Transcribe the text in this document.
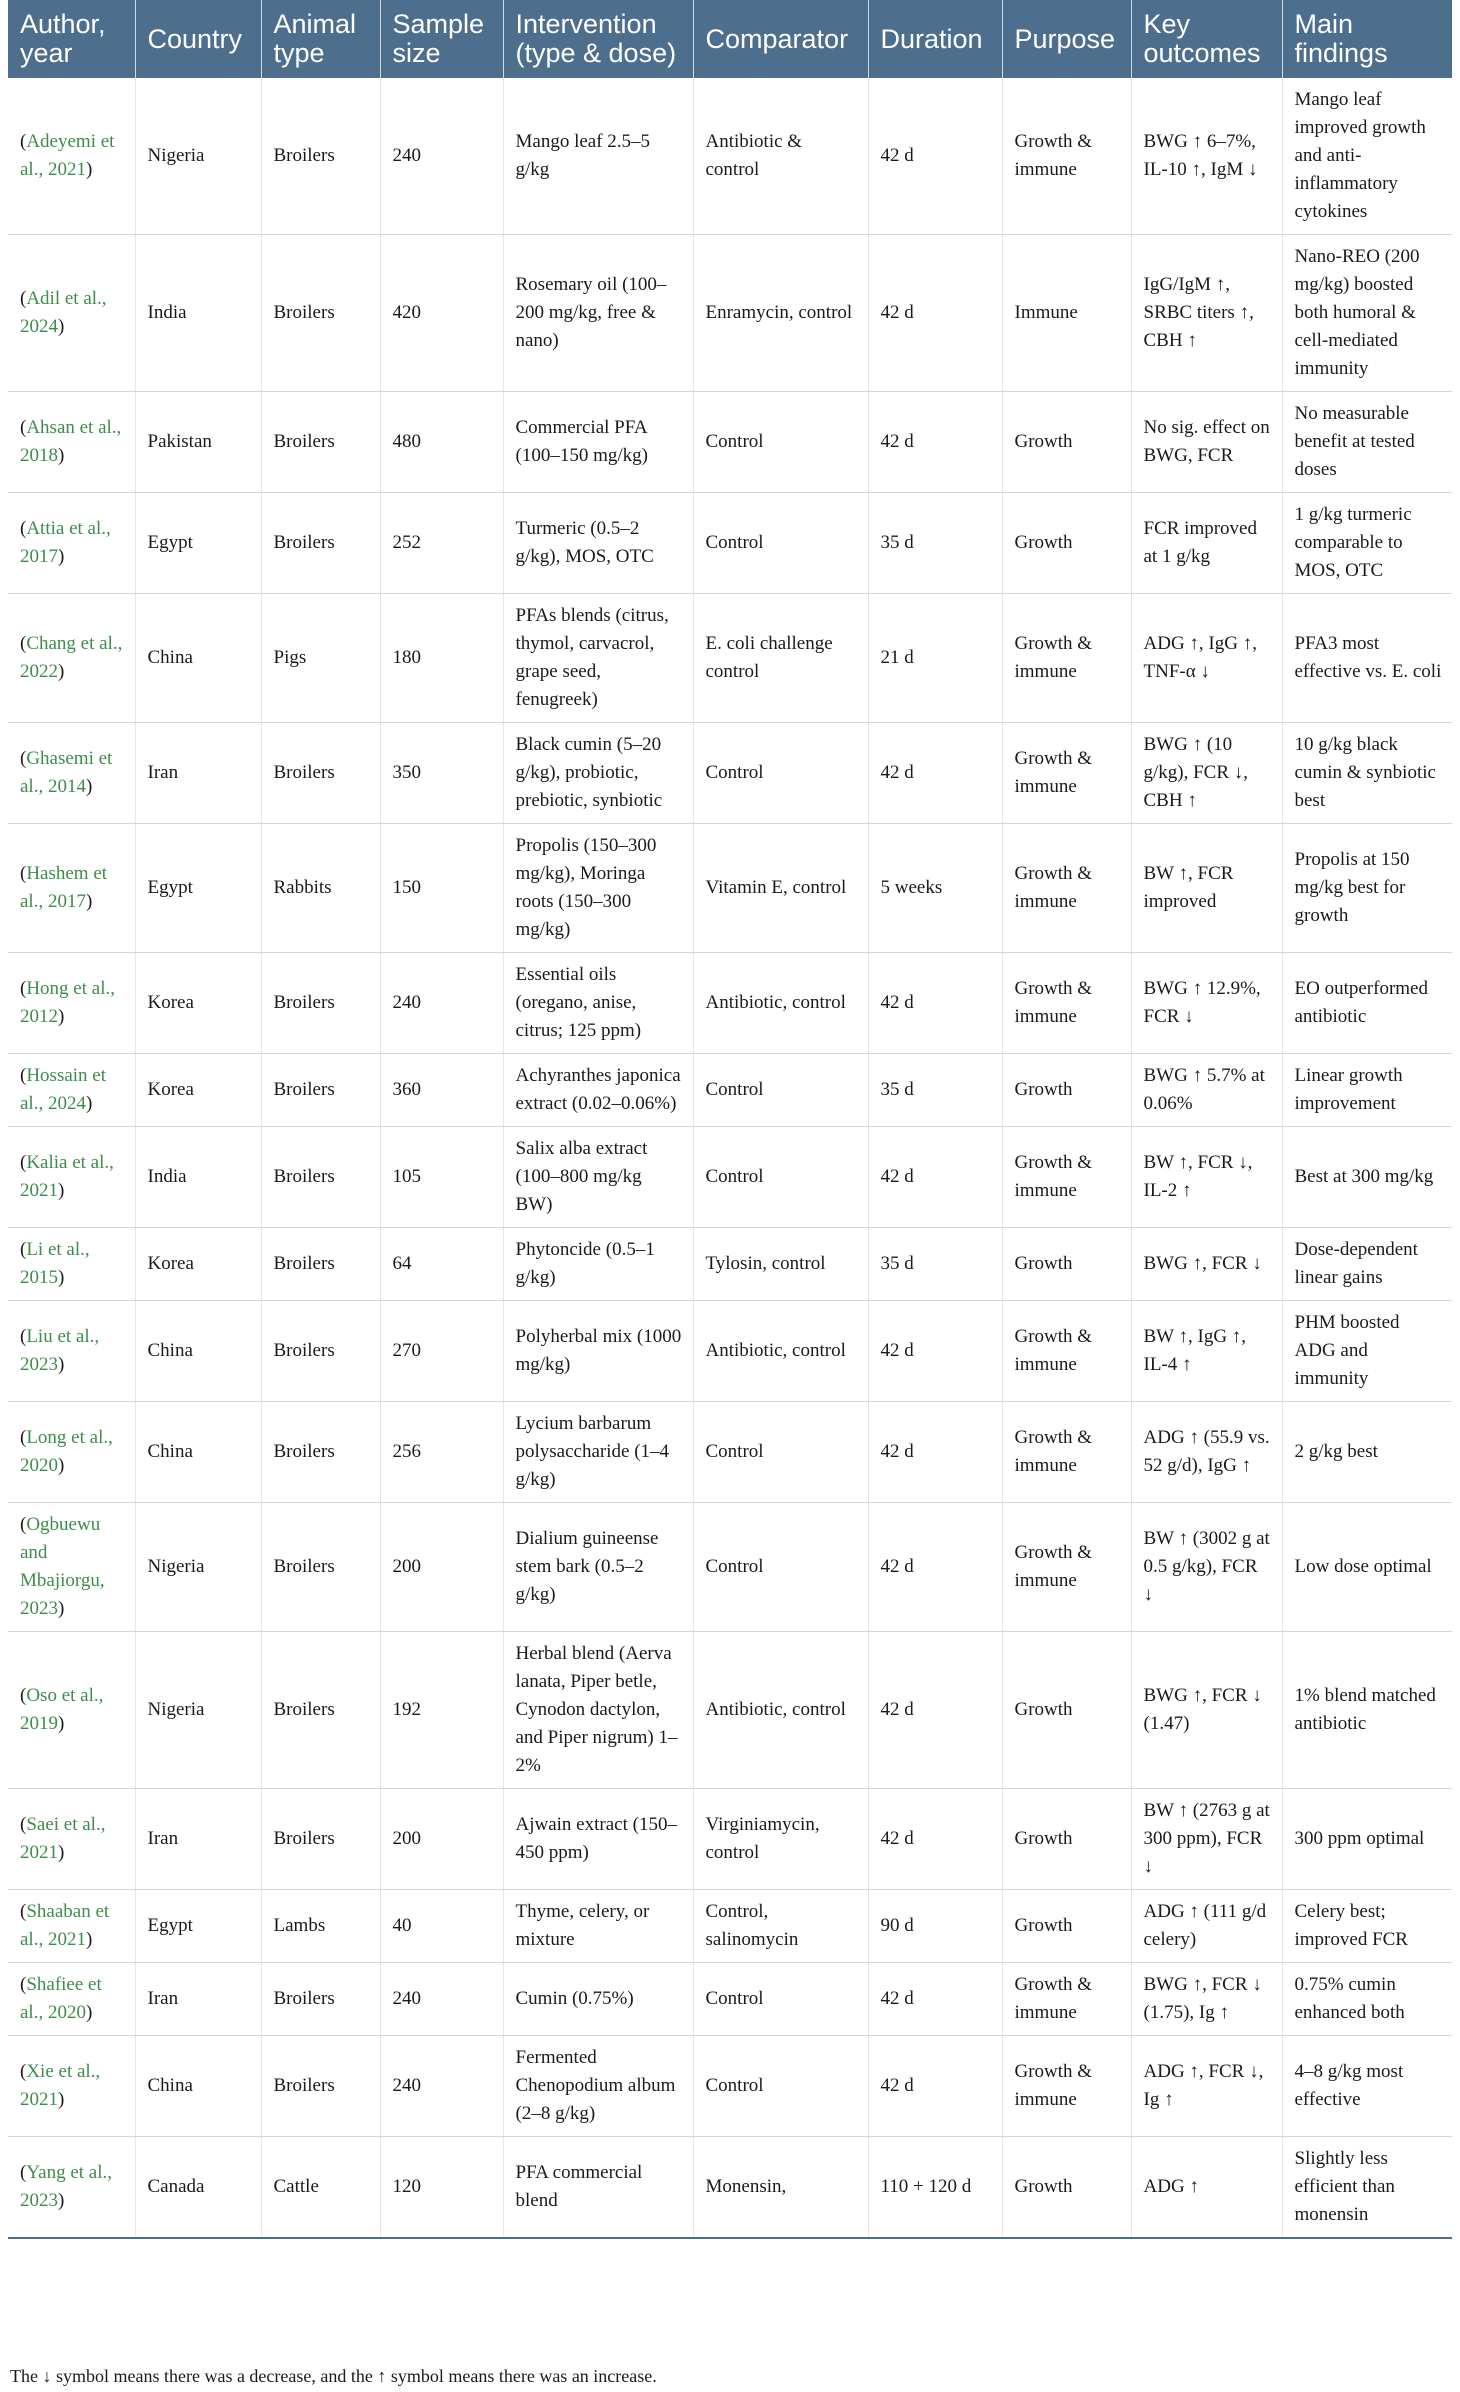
Author, year	Country	Animal type	Sample size	Intervention (type & dose)	Comparator	Duration	Purpose	Key outcomes	Main findings
(Adeyemi et al., 2021)	Nigeria	Broilers	240	Mango leaf 2.5–5 g/kg	Antibiotic & control	42 d	Growth & immune	BWG ↑ 6–7%, IL-10 ↑, IgM ↓	Mango leaf improved growth and anti-inflammatory cytokines
(Adil et al., 2024)	India	Broilers	420	Rosemary oil (100–200 mg/kg, free & nano)	Enramycin, control	42 d	Immune	IgG/IgM ↑, SRBC titers ↑, CBH ↑	Nano-REO (200 mg/kg) boosted both humoral & cell-mediated immunity
(Ahsan et al., 2018)	Pakistan	Broilers	480	Commercial PFA (100–150 mg/kg)	Control	42 d	Growth	No sig. effect on BWG, FCR	No measurable benefit at tested doses
(Attia et al., 2017)	Egypt	Broilers	252	Turmeric (0.5–2 g/kg), MOS, OTC	Control	35 d	Growth	FCR improved at 1 g/kg	1 g/kg turmeric comparable to MOS, OTC
(Chang et al., 2022)	China	Pigs	180	PFAs blends (citrus, thymol, carvacrol, grape seed, fenugreek)	E. coli challenge control	21 d	Growth & immune	ADG ↑, IgG ↑, TNF-α ↓	PFA3 most effective vs. E. coli
(Ghasemi et al., 2014)	Iran	Broilers	350	Black cumin (5–20 g/kg), probiotic, prebiotic, synbiotic	Control	42 d	Growth & immune	BWG ↑ (10 g/kg), FCR ↓, CBH ↑	10 g/kg black cumin & synbiotic best
(Hashem et al., 2017)	Egypt	Rabbits	150	Propolis (150–300 mg/kg), Moringa roots (150–300 mg/kg)	Vitamin E, control	5 weeks	Growth & immune	BW ↑, FCR improved	Propolis at 150 mg/kg best for growth
(Hong et al., 2012)	Korea	Broilers	240	Essential oils (oregano, anise, citrus; 125 ppm)	Antibiotic, control	42 d	Growth & immune	BWG ↑ 12.9%, FCR ↓	EO outperformed antibiotic
(Hossain et al., 2024)	Korea	Broilers	360	Achyranthes japonica extract (0.02–0.06%)	Control	35 d	Growth	BWG ↑ 5.7% at 0.06%	Linear growth improvement
(Kalia et al., 2021)	India	Broilers	105	Salix alba extract (100–800 mg/kg BW)	Control	42 d	Growth & immune	BW ↑, FCR ↓, IL-2 ↑	Best at 300 mg/kg
(Li et al., 2015)	Korea	Broilers	64	Phytoncide (0.5–1 g/kg)	Tylosin, control	35 d	Growth	BWG ↑, FCR ↓	Dose-dependent linear gains
(Liu et al., 2023)	China	Broilers	270	Polyherbal mix (1000 mg/kg)	Antibiotic, control	42 d	Growth & immune	BW ↑, IgG ↑, IL-4 ↑	PHM boosted ADG and immunity
(Long et al., 2020)	China	Broilers	256	Lycium barbarum polysaccharide (1–4 g/kg)	Control	42 d	Growth & immune	ADG ↑ (55.9 vs. 52 g/d), IgG ↑	2 g/kg best
(Ogbuewu and Mbajiorgu, 2023)	Nigeria	Broilers	200	Dialium guineense stem bark (0.5–2 g/kg)	Control	42 d	Growth & immune	BW ↑ (3002 g at 0.5 g/kg), FCR ↓	Low dose optimal
(Oso et al., 2019)	Nigeria	Broilers	192	Herbal blend (Aerva lanata, Piper betle, Cynodon dactylon, and Piper nigrum) 1–2%	Antibiotic, control	42 d	Growth	BWG ↑, FCR ↓ (1.47)	1% blend matched antibiotic
(Saei et al., 2021)	Iran	Broilers	200	Ajwain extract (150–450 ppm)	Virginiamycin, control	42 d	Growth	BW ↑ (2763 g at 300 ppm), FCR ↓	300 ppm optimal
(Shaaban et al., 2021)	Egypt	Lambs	40	Thyme, celery, or mixture	Control, salinomycin	90 d	Growth	ADG ↑ (111 g/d celery)	Celery best; improved FCR
(Shafiee et al., 2020)	Iran	Broilers	240	Cumin (0.75%)	Control	42 d	Growth & immune	BWG ↑, FCR ↓ (1.75), Ig ↑	0.75% cumin enhanced both
(Xie et al., 2021)	China	Broilers	240	Fermented Chenopodium album (2–8 g/kg)	Control	42 d	Growth & immune	ADG ↑, FCR ↓, Ig ↑	4–8 g/kg most effective
(Yang et al., 2023)	Canada	Cattle	120	PFA commercial blend	Monensin,	110 + 120 d	Growth	ADG ↑	Slightly less efficient than monensin
The ↓ symbol means there was a decrease, and the ↑ symbol means there was an increase.
